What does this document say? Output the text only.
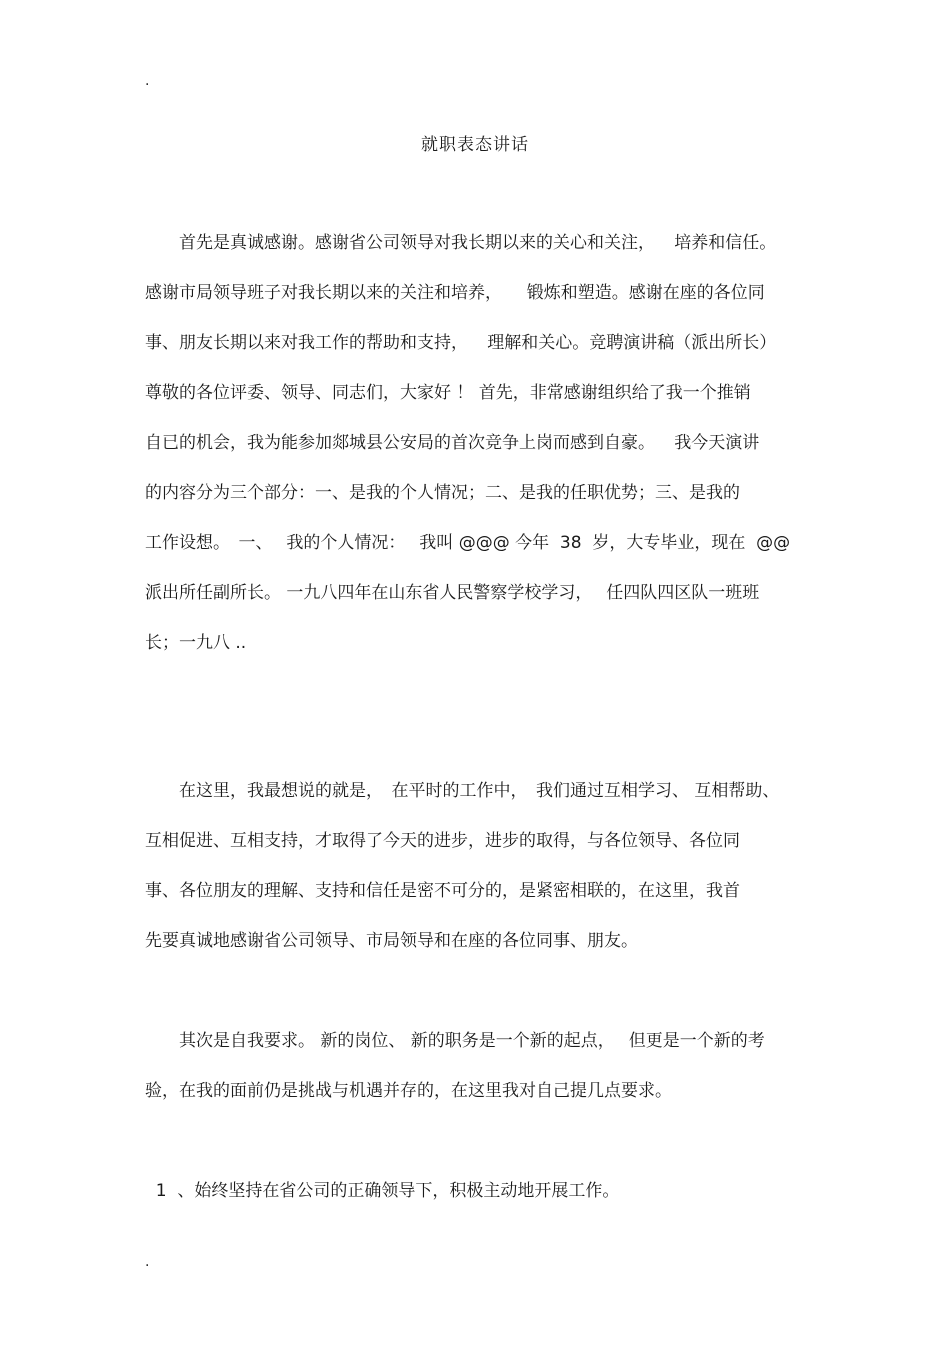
.
就职表态讲话
　　首先是真诚感谢。感谢省公司领导对我长期以来的关心和关注，　  培养和信任。
感谢市局领导班子对我长期以来的关注和培养，　   锻炼和塑造。感谢在座的各位同
事、朋友长期以来对我工作的帮助和支持，　  理解和关心。竞聘演讲稿（派出所长）
尊敬的各位评委、领导、同志们，大家好 ！ 首先，非常感谢组织给了我一个推销
自已的机会，我为能参加郯城县公安局的首次竞争上岗而感到自豪。　  我今天演讲
的内容分为三个部分：一、是我的个人情况；二、是我的任职优势；三、是我的
工作设想。　一、　 我的个人情况：　 我叫 @@@ 今年  38  岁，大专毕业，现在  @@
派出所任副所长。 一九八四年在山东省人民警察学校学习，　 任四队四区队一班班
长；一九八 ..
　　在这里，我最想说的就是，　在平时的工作中，　我们通过互相学习、 互相帮助、
互相促进、互相支持，才取得了今天的进步，进步的取得，与各位领导、各位同
事、各位朋友的理解、支持和信任是密不可分的，是紧密相联的，在这里，我首
先要真诚地感谢省公司领导、市局领导和在座的各位同事、朋友。
　　其次是自我要求。 新的岗位、 新的职务是一个新的起点，　 但更是一个新的考
验，在我的面前仍是挑战与机遇并存的，在这里我对自己提几点要求。
1  、始终坚持在省公司的正确领导下，积极主动地开展工作。
.
